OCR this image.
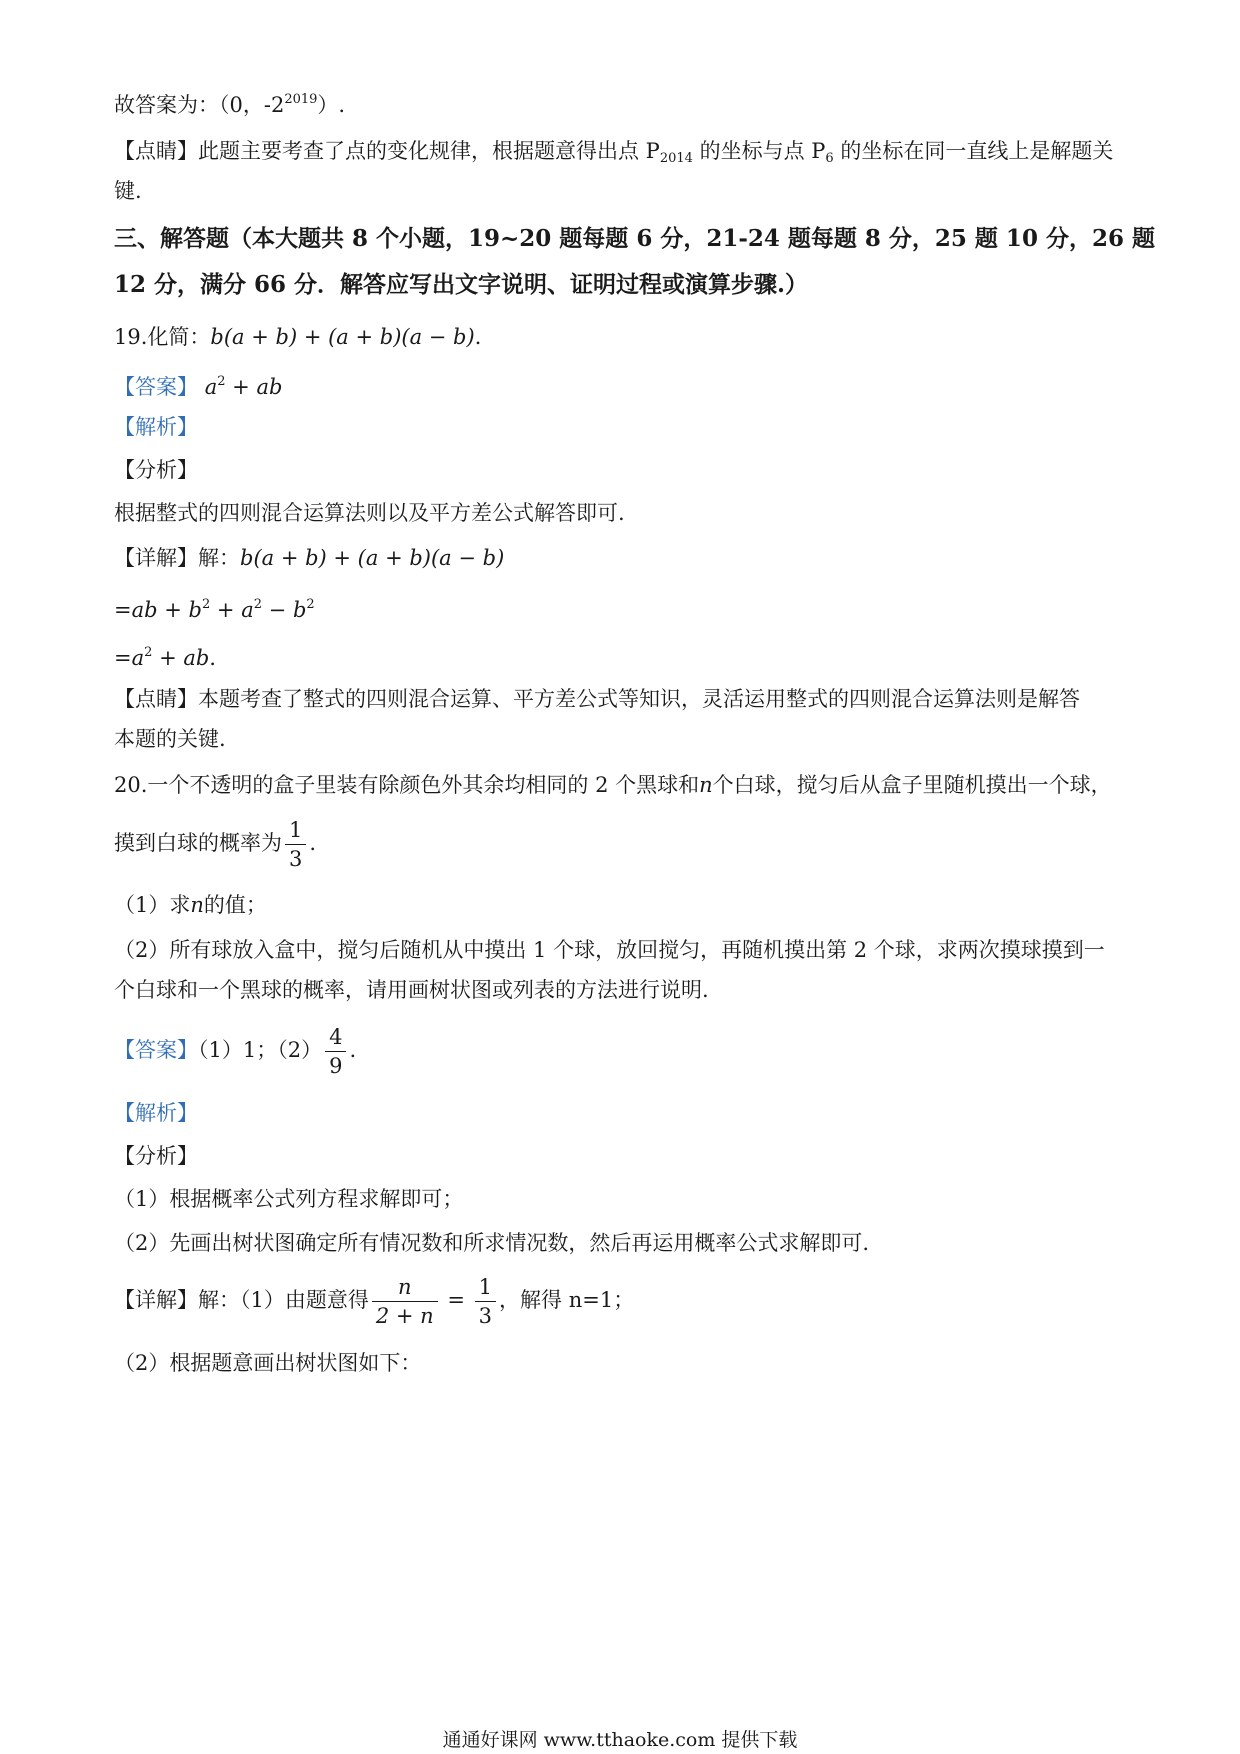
故答案为：（0，$-2^{2019}$）.
【点睛】此题主要考查了点的变化规律，根据题意得出点 $P_{2014}$ 的坐标与点 $P_6$ 的坐标在同一直线上是解题关
键.
三、解答题（本大题共 8 个小题，19~20 题每题 6 分，21-24 题每题 8 分，25 题 10 分，26 题
12 分，满分 66 分．解答应写出文字说明、证明过程或演算步骤.）
19.化简：b(a + b) + (a + b)(a − b)．
【答案】 $a^2$ + ab
【解析】
【分析】
根据整式的四则混合运算法则以及平方差公式解答即可.
【详解】解：b(a + b) + (a + b)(a − b)
$=ab + b^2 + a^2 - b^2$
$=a^2$ + ab．
【点睛】本题考查了整式的四则混合运算、平方差公式等知识，灵活运用整式的四则混合运算法则是解答
本题的关键.
20.一个不透明的盒子里装有除颜色外其余均相同的 2 个黑球和n个白球，搅匀后从盒子里随机摸出一个球，
摸到白球的概率为 $\frac{1}{3}$ .
（1）求n的值；
（2）所有球放入盒中，搅匀后随机从中摸出 1 个球，放回搅匀，再随机摸出第 2 个球，求两次摸球摸到一
个白球和一个黑球的概率，请用画树状图或列表的方法进行说明.
【答案】（1）1；$(2) \frac{4}{9}$ .
【解析】
【分析】
（1）根据概率公式列方程求解即可；
（2）先画出树状图确定所有情况数和所求情况数，然后再运用概率公式求解即可.
【详解】解：（1）由题意得 $\frac{n}{2 + n} = \frac{1}{3}$ ，解得 n=1；
（2）根据题意画出树状图如下：
通通好课网 www.tthaoke.com 提供下载
